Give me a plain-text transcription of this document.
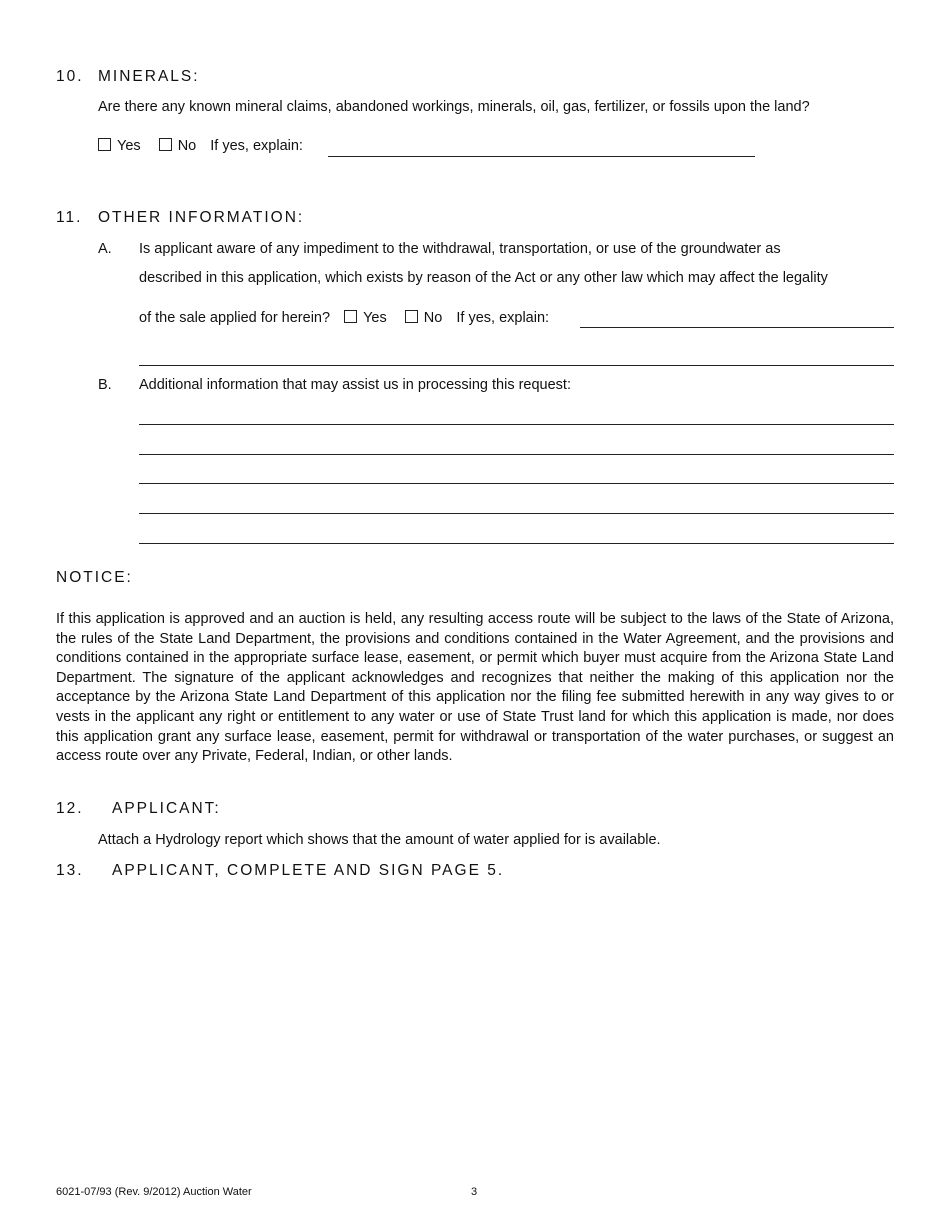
10. MINERALS:
Are there any known mineral claims, abandoned workings, minerals, oil, gas, fertilizer, or fossils upon the land?
Yes	No If yes, explain:
11. OTHER INFORMATION:
A. Is applicant aware of any impediment to the withdrawal, transportation, or use of the groundwater as
described in this application, which exists by reason of the Act or any other law which may affect the legality
of the sale applied for herein? Yes	No If yes, explain:
B. Additional information that may assist us in processing this request:
NOTICE:
If this application is approved and an auction is held, any resulting access route will be subject to the laws of the State of Arizona, the rules of the State Land Department, the provisions and conditions contained in the Water Agreement, and the provisions and conditions contained in the appropriate surface lease, easement, or permit which buyer must acquire from the Arizona State Land Department. The signature of the applicant acknowledges and recognizes that neither the making of this application nor the acceptance by the Arizona State Land Department of this application nor the filing fee submitted herewith in any way gives to or vests in the applicant any right or entitlement to any water or use of State Trust land for which this application is made, nor does this application grant any surface lease, easement, permit for withdrawal or transportation of the water purchases, or suggest an access route over any Private, Federal, Indian, or other lands.
12. APPLICANT:
Attach a Hydrology report which shows that the amount of water applied for is available.
13. APPLICANT, COMPLETE AND SIGN PAGE 5.
6021-07/93 (Rev. 9/2012) Auction Water	3
